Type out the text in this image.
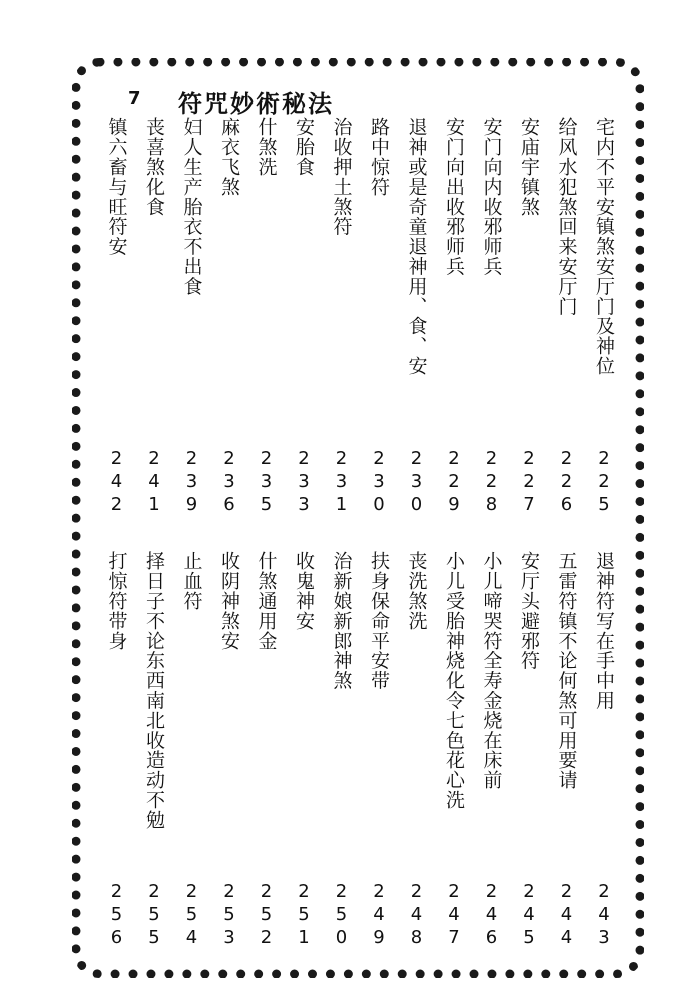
7 符咒妙術秘法
宅内不平安镇煞安厅门及神位
2
2
5
给风水犯煞回来安厅门
2
2
6
安庙宇镇煞
2
2
7
安门向内收邪师兵
2
2
8
安门向出收邪师兵
2
2
9
退神或是奇童退神用、食、安
2
3
0
路中惊符
2
3
0
治收押土煞符
2
3
1
安胎食
2
3
3
什煞洗
2
3
5
麻衣飞煞
2
3
6
妇人生产胎衣不出食
2
3
9
丧喜煞化食
2
4
1
镇六畜与旺符安
2
4
2
退神符写在手中用
2
4
3
五雷符镇不论何煞可用要请
2
4
4
安厅头避邪符
2
4
5
小儿啼哭符全寿金烧在床前
2
4
6
小儿受胎神烧化令七色花心洗
2
4
7
丧洗煞洗
2
4
8
扶身保命平安带
2
4
9
治新娘新郎神煞
2
5
0
收鬼神安
2
5
1
什煞通用金
2
5
2
收阴神煞安
2
5
3
止血符
2
5
4
择日子不论东西南北收造动不勉
2
5
5
打惊符带身
2
5
6
